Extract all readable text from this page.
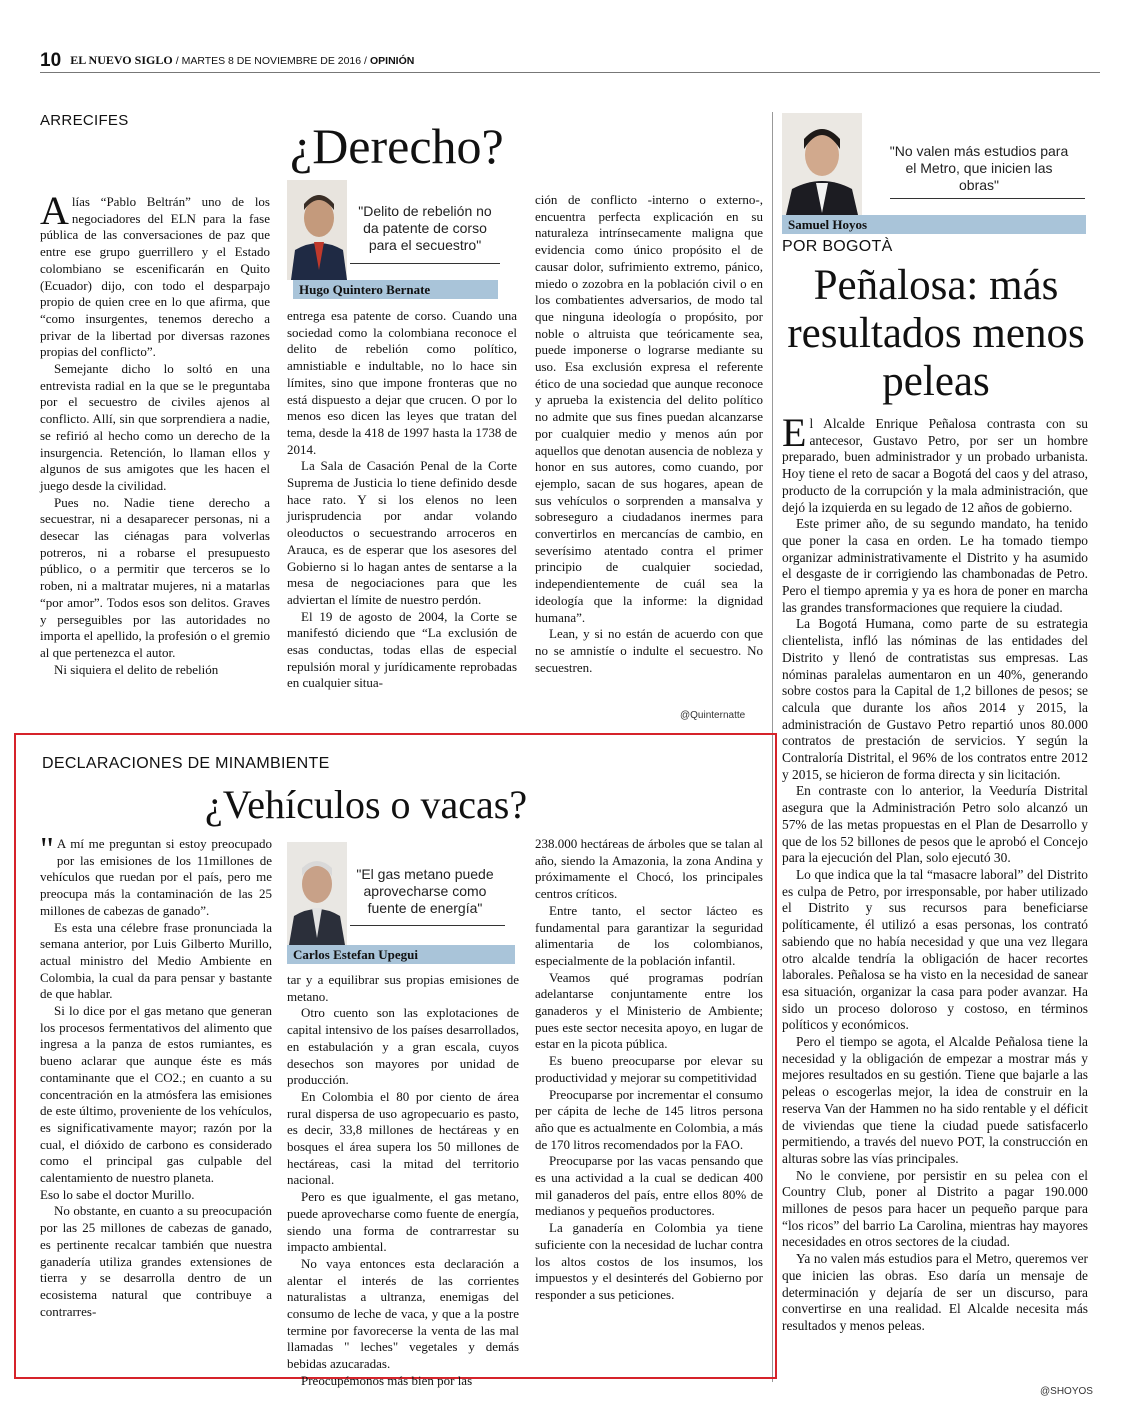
10 EL NUEVO SIGLO / MARTES 8 DE NOVIEMBRE DE 2016 / OPINIÓN
ARRECIFES	¿Derecho?
"Delito de rebelión no da patente de corso para el secuestro"
Hugo Quintero Bernate
A lías “Pablo Beltrán” uno de los negociadores del ELN para la fase pública de las conversaciones de paz que entre ese grupo guerrillero y el Estado colombiano se escenificarán en Quito (Ecuador) dijo, con todo el desparpajo propio de quien cree en lo que afirma, que “como insurgentes, tenemos derecho a privar de la libertad por diversas razones propias del conflicto”.

Semejante dicho lo soltó en una entrevista radial en la que se le preguntaba por el secuestro de civiles ajenos al conflicto. Allí, sin que sorprendiera a nadie, se refirió al hecho como un derecho de la insurgencia. Retención, lo llaman ellos y algunos de sus amigotes que les hacen el juego desde la civilidad.

Pues no. Nadie tiene derecho a secuestrar, ni a desaparecer personas, ni a desecar las ciénagas para volverlas potreros, ni a robarse el presupuesto público, o a permitir que terceros se lo roben, ni a maltratar mujeres, ni a matarlas “por amor”. Todos esos son delitos. Graves y perseguibles por las autoridades no importa el apellido, la profesión o el gremio al que pertenezca el autor.

Ni siquiera el delito de rebelión

entrega esa patente de corso. Cuando una sociedad como la colombiana reconoce el delito de rebelión como político, amnistiable e indultable, no lo hace sin límites, sino que impone fronteras que no está dispuesto a dejar que crucen. O por lo menos eso dicen las leyes que tratan del tema, desde la 418 de 1997 hasta la 1738 de 2014.

La Sala de Casación Penal de la Corte Suprema de Justicia lo tiene definido desde hace rato. Y si los elenos no leen jurisprudencia por andar volando oleoductos o secuestrando arroceros en Arauca, es de esperar que los asesores del Gobierno si lo hagan antes de sentarse a la mesa de negociaciones para que les adviertan el límite de nuestro perdón.

El 19 de agosto de 2004, la Corte se manifestó diciendo que “La exclusión de esas conductas, todas ellas de especial repulsión moral y jurídicamente reprobadas en cualquier situa-

ción de conflicto -interno o externo-, encuentra perfecta explicación en su naturaleza intrínsecamente maligna que evidencia como único propósito el de causar dolor, sufrimiento extremo, pánico, miedo o zozobra en la población civil o en los combatientes adversarios, de modo tal que ninguna ideología o propósito, por noble o altruista que teóricamente sea, puede imponerse o lograrse mediante su uso. Esa exclusión expresa el referente ético de una sociedad que aunque reconoce y aprueba la existencia del delito político no admite que sus fines puedan alcanzarse por cualquier medio y menos aún por aquellos que denotan ausencia de nobleza y honor en sus autores, como cuando, por ejemplo, sacan de sus hogares, apean de sus vehículos o sorprenden a mansalva y sobreseguro a ciudadanos inermes para convertirlos en mercancías de cambio, en severísimo atentado contra el primer principio de cualquier sociedad, independientemente de cuál sea la ideología que la informe: la dignidad humana”.

Lean, y si no están de acuerdo con que no se amnistíe o indulte el secuestro. No secuestren.

@Quinternatte
DECLARACIONES DE MINAMBIENTE
¿Vehículos o vacas?
"El gas metano puede aprovecharse como fuente de energía"
Carlos Estefan Upegui
" A mí me preguntan si estoy preocupado por las emisiones de los 11millones de vehículos que ruedan por el país, pero me preocupa más la contaminación de las 25 millones de cabezas de ganado”.

Es esta una célebre frase pronunciada la semana anterior, por Luis Gilberto Murillo, actual ministro del Medio Ambiente en Colombia, la cual da para pensar y bastante de que hablar.

Si lo dice por el gas metano que generan los procesos fermentativos del alimento que ingresa a la panza de estos rumiantes, es bueno aclarar que aunque éste es más contaminante que el CO2.; en cuanto a su concentración en la atmósfera las emisiones de este último, proveniente de los vehículos, es significativamente mayor; razón por la cual, el dióxido de carbono es considerado como el principal gas culpable del calentamiento de nuestro planeta.

Eso lo sabe el doctor Murillo.

No obstante, en cuanto a su preocupación por las 25 millones de cabezas de ganado, es pertinente recalcar también que nuestra ganadería utiliza grandes extensiones de tierra y se desarrolla dentro de un ecosistema natural que contribuye a contrarres-

tar y a equilibrar sus propias emisiones de metano.

Otro cuento son las explotaciones de capital intensivo de los países desarrollados, en estabulación y a gran escala, cuyos desechos son mayores por unidad de producción.

En Colombia el 80 por ciento de área rural dispersa de uso agropecuario es pasto, es decir, 33,8 millones de hectáreas y en bosques el área supera los 50 millones de hectáreas, casi la mitad del territorio nacional.

Pero es que igualmente, el gas metano, puede aprovecharse como fuente de energía, siendo una forma de contrarrestar su impacto ambiental.

No vaya entonces esta declaración a alentar el interés de las corrientes naturalistas a ultranza, enemigas del consumo de leche de vaca, y que a la postre termine por favorecerse la venta de las mal llamadas " leches" vegetales y demás bebidas azucaradas.

Preocupémonos más bien por las

238.000 hectáreas de árboles que se talan al año, siendo la Amazonia, la zona Andina y próximamente el Chocó, los principales centros críticos.

Entre tanto, el sector lácteo es fundamental para garantizar la seguridad alimentaria de los colombianos, especialmente de la población infantil.

Veamos qué programas podrían adelantarse conjuntamente entre los ganaderos y el Ministerio de Ambiente; pues este sector necesita apoyo, en lugar de estar en la picota pública.

Es bueno preocuparse por elevar su productividad y mejorar su competitividad

Preocuparse por incrementar el consumo per cápita de leche de 145 litros persona año que es actualmente en Colombia, a más de 170 litros recomendados por la FAO.

Preocuparse por las vacas pensando que es una actividad a la cual se dedican 400 mil ganaderos del país, entre ellos 80% de medianos y pequeños productores.

La ganadería en Colombia ya tiene suficiente con la necesidad de luchar contra los altos costos de los insumos, los impuestos y el desinterés del Gobierno por responder a sus peticiones.

"No valen más estudios para el Metro, que inicien las obras"
Samuel Hoyos
POR BOGOTÀ
Peñalosa: más resultados menos peleas
E l Alcalde Enrique Peñalosa contrasta con su antecesor, Gustavo Petro, por ser un hombre preparado, buen administrador y un probado urbanista. Hoy tiene el reto de sacar a Bogotá del caos y del atraso, producto de la corrupción y la mala administración, que dejó la izquierda en su legado de 12 años de gobierno.

Este primer año, de su segundo mandato, ha tenido que poner la casa en orden. Le ha tomado tiempo organizar administrativamente el Distrito y ha asumido el desgaste de ir corrigiendo las chambonadas de Petro. Pero el tiempo apremia y ya es hora de poner en marcha las grandes transformaciones que requiere la ciudad.

La Bogotá Humana, como parte de su estrategia clientelista, infló las nóminas de las entidades del Distrito y llenó de contratistas sus empresas. Las nóminas paralelas aumentaron en un 40%, generando sobre costos para la Capital de 1,2 billones de pesos; se calcula que durante los años 2014 y 2015, la administración de Gustavo Petro repartió unos 80.000 contratos de prestación de servicios. Y según la Contraloría Distrital, el 96% de los contratos entre 2012 y 2015, se hicieron de forma directa y sin licitación.

En contraste con lo anterior, la Veeduría Distrital asegura que la Administración Petro solo alcanzó un 57% de las metas propuestas en el Plan de Desarrollo y que de los 52 billones de pesos que le aprobó el Concejo para la ejecución del Plan, solo ejecutó 30.

Lo que indica que la tal “masacre laboral” del Distrito es culpa de Petro, por irresponsable, por haber utilizado el Distrito y sus recursos para beneficiarse políticamente, él utilizó a esas personas, los contrató sabiendo que no había necesidad y que una vez llegara otro alcalde tendría la obligación de hacer recortes laborales. Peñalosa se ha visto en la necesidad de sanear esa situación, organizar la casa para poder avanzar. Ha sido un proceso doloroso y costoso, en términos políticos y económicos.

Pero el tiempo se agota, el Alcalde Peñalosa tiene la necesidad y la obligación de empezar a mostrar más y mejores resultados en su gestión. Tiene que bajarle a las peleas o escogerlas mejor, la idea de construir en la reserva Van der Hammen no ha sido rentable y el déficit de viviendas que tiene la ciudad puede satisfacerlo permitiendo, a través del nuevo POT, la construcción en alturas sobre las vías principales.

No le conviene, por persistir en su pelea con el Country Club, poner al Distrito a pagar 190.000 millones de pesos para hacer un pequeño parque para “los ricos” del barrio La Carolina, mientras hay mayores necesidades en otros sectores de la ciudad.

Ya no valen más estudios para el Metro, queremos ver que inicien las obras. Eso daría un mensaje de determinación y dejaría de ser un discurso, para convertirse en una realidad. El Alcalde necesita más resultados y menos peleas.

@SHOYOS
